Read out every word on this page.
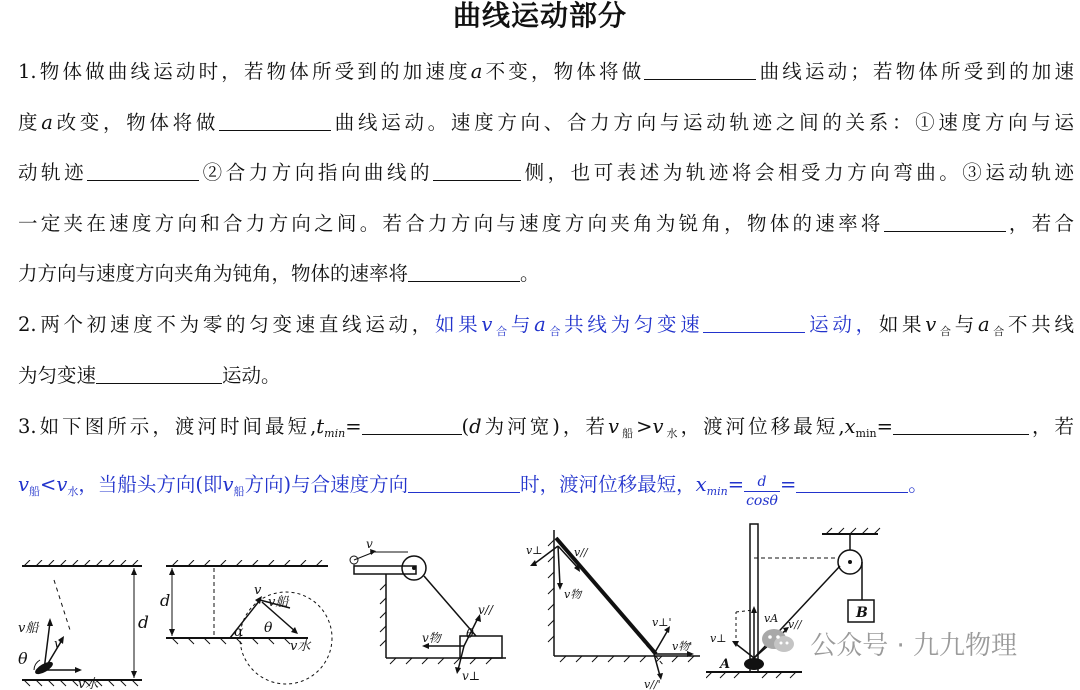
曲线运动部分
1.物体做曲线运动时，若物体所受到的加速度a不变，物体将做	曲线运动；若物体所受到的加速
度a改变，物体将做	曲线运动。速度方向、合力方向与运动轨迹之间的关系：①速度方向与运
动轨迹	②合力方向指向曲线的	侧，也可表述为轨迹将会相受力方向弯曲。③运动轨迹
一定夹在速度方向和合力方向之间。若合力方向与速度方向夹角为锐角，物体的速率将	，若合
力方向与速度方向夹角为钝角，物体的速率将	。
2.两个初速度不为零的匀变速直线运动，如果$v_合$与$a_合$共线为匀变速	运动，如果$v_合$与$a_合$不共线
为匀变速	运动。
3.如下图所示，渡河时间最短$,t_{min}=$	(d为河宽)，若$v_船>v_水$，渡河位移最短$,x_{min}=$	，若
$v_船<v_水$，当船头方向(即$v_船$方向)与合速度方向	时，渡河位移最短，$x_{min}= \frac{d}{\cos\theta}$ =	。
v船
v
v水
θ
d
d
v
v船
α θ
v水
v
v//
v物 θ
v⊥
v⊥	v//
v物
v⊥'
v物'
v//'
vA v//
v⊥
A
B
公众号 · 九九物理
